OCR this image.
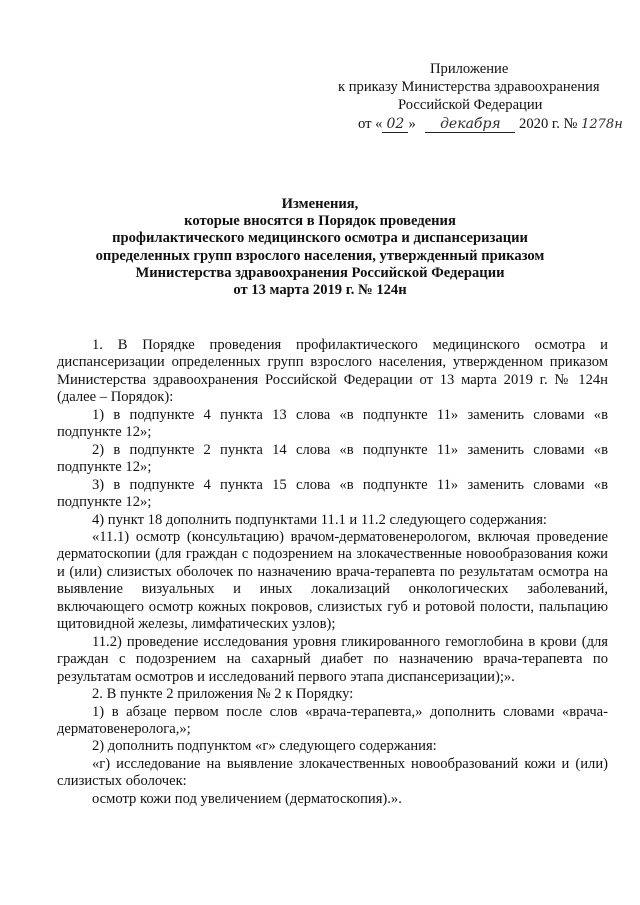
Приложение
к приказу Министерства здравоохранения
Российской Федерации
от « 02 » декабря 2020 г. № 1278н
Изменения,
которые вносятся в Порядок проведения
профилактического медицинского осмотра и диспансеризации
определенных групп взрослого населения, утвержденный приказом
Министерства здравоохранения Российской Федерации
от 13 марта 2019 г. № 124н
1. В Порядке проведения профилактического медицинского осмотра и диспансеризации определенных групп взрослого населения, утвержденном приказом Министерства здравоохранения Российской Федерации от 13 марта 2019 г. № 124н (далее – Порядок):
1) в подпункте 4 пункта 13 слова «в подпункте 11» заменить словами «в подпункте 12»;
2) в подпункте 2 пункта 14 слова «в подпункте 11» заменить словами «в подпункте 12»;
3) в подпункте 4 пункта 15 слова «в подпункте 11» заменить словами «в подпункте 12»;
4) пункт 18 дополнить подпунктами 11.1 и 11.2 следующего содержания:
«11.1) осмотр (консультацию) врачом-дерматовенерологом, включая проведение дерматоскопии (для граждан с подозрением на злокачественные новообразования кожи и (или) слизистых оболочек по назначению врача-терапевта по результатам осмотра на выявление визуальных и иных локализаций онкологических заболеваний, включающего осмотр кожных покровов, слизистых губ и ротовой полости, пальпацию щитовидной железы, лимфатических узлов);
11.2) проведение исследования уровня гликированного гемоглобина в крови (для граждан с подозрением на сахарный диабет по назначению врача-терапевта по результатам осмотров и исследований первого этапа диспансеризации);».
2. В пункте 2 приложения № 2 к Порядку:
1) в абзаце первом после слов «врача-терапевта,» дополнить словами «врача-дерматовенеролога,»;
2) дополнить подпунктом «г» следующего содержания:
«г) исследование на выявление злокачественных новообразований кожи и (или) слизистых оболочек:
осмотр кожи под увеличением (дерматоскопия).».
